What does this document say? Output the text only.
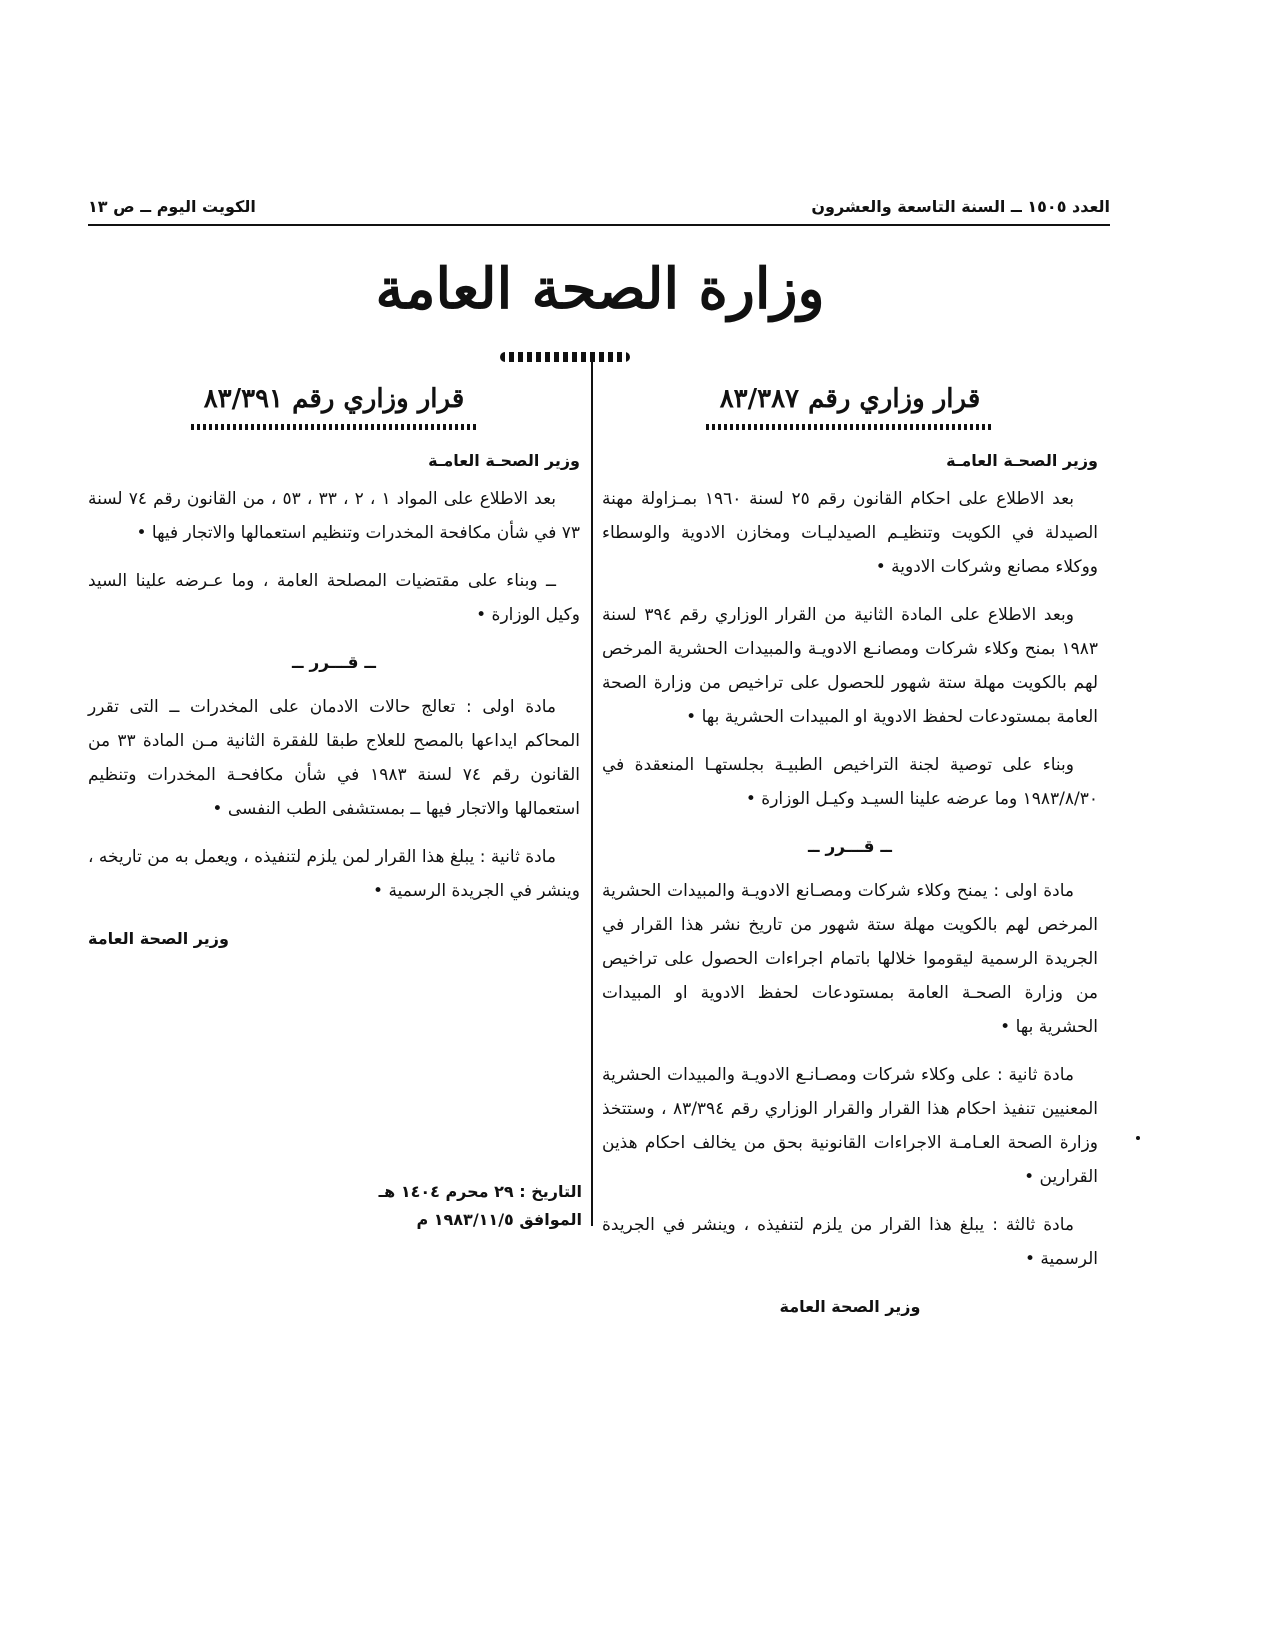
العدد ١٥٠٥ ــ السنة التاسعة والعشرون
الكويت اليوم ــ ص ١٣
وزارة الصحة العامة
قرار وزاري رقم ٨٣/٣٨٧
وزير الصحـة العامـة

بعد الاطلاع على احكام القانون رقم ٢٥ لسنة ١٩٦٠ بمـزاولة مهنة الصيدلة في الكويت وتنظيـم الصيدليـات ومخازن الادوية والوسطاء ووكلاء مصانع وشركات الادوية •

وبعد الاطلاع على المادة الثانية من القرار الوزاري رقم ٣٩٤ لسنة ١٩٨٣ بمنح وكلاء شركات ومصانـع الادويـة والمبيدات الحشرية المرخص لهم بالكويت مهلة ستة شهور للحصول على تراخيص من وزارة الصحة العامة بمستودعات لحفظ الادوية او المبيدات الحشرية بها •

وبناء على توصية لجنة التراخيص الطبيـة بجلستهـا المنعقدة في ١٩٨٣/٨/٣٠ وما عرضه علينا السيـد وكيـل الوزارة •

ــ قـــرر ــ

مادة اولى : يمنح وكلاء شركات ومصـانع الادويـة والمبيدات الحشرية المرخص لهم بالكويت مهلة ستة شهور من تاريخ نشر هذا القرار في الجريدة الرسمية ليقوموا خلالها باتمام اجراءات الحصول على تراخيص من وزارة الصحـة العامة بمستودعات لحفظ الادوية او المبيدات الحشرية بها •

مادة ثانية : على وكلاء شركات ومصـانـع الادويـة والمبيدات الحشرية المعنيين تنفيذ احكام هذا القرار والقرار الوزاري رقم ٨٣/٣٩٤ ، وستتخذ وزارة الصحة العـامـة الاجراءات القانونية بحق من يخالف احكام هذين القرارين •

مادة ثالثة : يبلغ هذا القرار من يلزم لتنفيذه ، وينشر في الجريدة الرسمية •

وزير الصحة العامة
قرار وزاري رقم ٨٣/٣٩١
وزير الصحـة العامـة

بعد الاطلاع على المواد ١ ، ٢ ، ٣٣ ، ٥٣ ، من القانون رقم ٧٤ لسنة ٧٣ في شأن مكافحة المخدرات وتنظيم استعمالها والاتجار فيها •

ــ وبناء على مقتضيات المصلحة العامة ، وما عـرضه علينا السيد وكيل الوزارة •

ــ قـــرر ــ

مادة اولى : تعالج حالات الادمان على المخدرات ــ التى تقرر المحاكم ايداعها بالمصح للعلاج طبقا للفقرة الثانية مـن المادة ٣٣ من القانون رقم ٧٤ لسنة ١٩٨٣ في شأن مكافحـة المخدرات وتنظيم استعمالها والاتجار فيها ــ بمستشفى الطب النفسى •

مادة ثانية : يبلغ هذا القرار لمن يلزم لتنفيذه ، ويعمل به من تاريخه ، وينشر في الجريدة الرسمية •

وزير الصحة العامة
التاريخ : ٢٩ محرم ١٤٠٤ هـ
الموافق ١٩٨٣/١١/٥ م
